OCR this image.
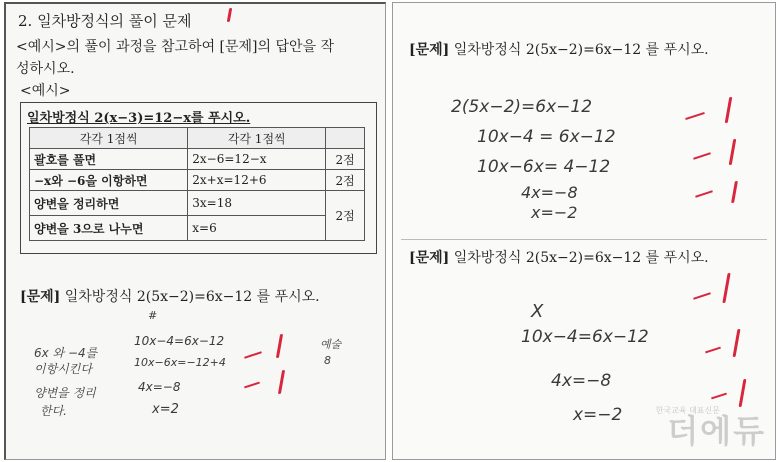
2. 일차방정식의 풀이 문제
<예시>의 풀이 과정을 참고하여 [문제]의 답안을 작
성하시오.
<예시>
일차방정식 2(x−3)=12−x를 푸시오.
각각 1점씩	각각 1점씩	
괄호를 풀면	2x−6=12−x	2점
−x와 −6을 이항하면	2x+x=12+6	2점
양변을 정리하면	3x=18	2점
양변을 3으로 나누면	x=6	
[문제] 일차방정식 2(5x−2)=6x−12 를 푸시오.
#
6x 와 −4를
이항시킨다
양변을 정리
한다.
10x−4=6x−12
10x−6x=−12+4
4x=−8
x=2
예술
8
[문제] 일차방정식 2(5x−2)=6x−12 를 푸시오.
2(5x−2)=6x−12
10x−4 = 6x−12
10x−6x= 4−12
4x=−8
x=−2
[문제] 일차방정식 2(5x−2)=6x−12 를 푸시오.
X
10x−4=6x−12
4x=−8
x=−2	한국교육 대표신문
더에듀
